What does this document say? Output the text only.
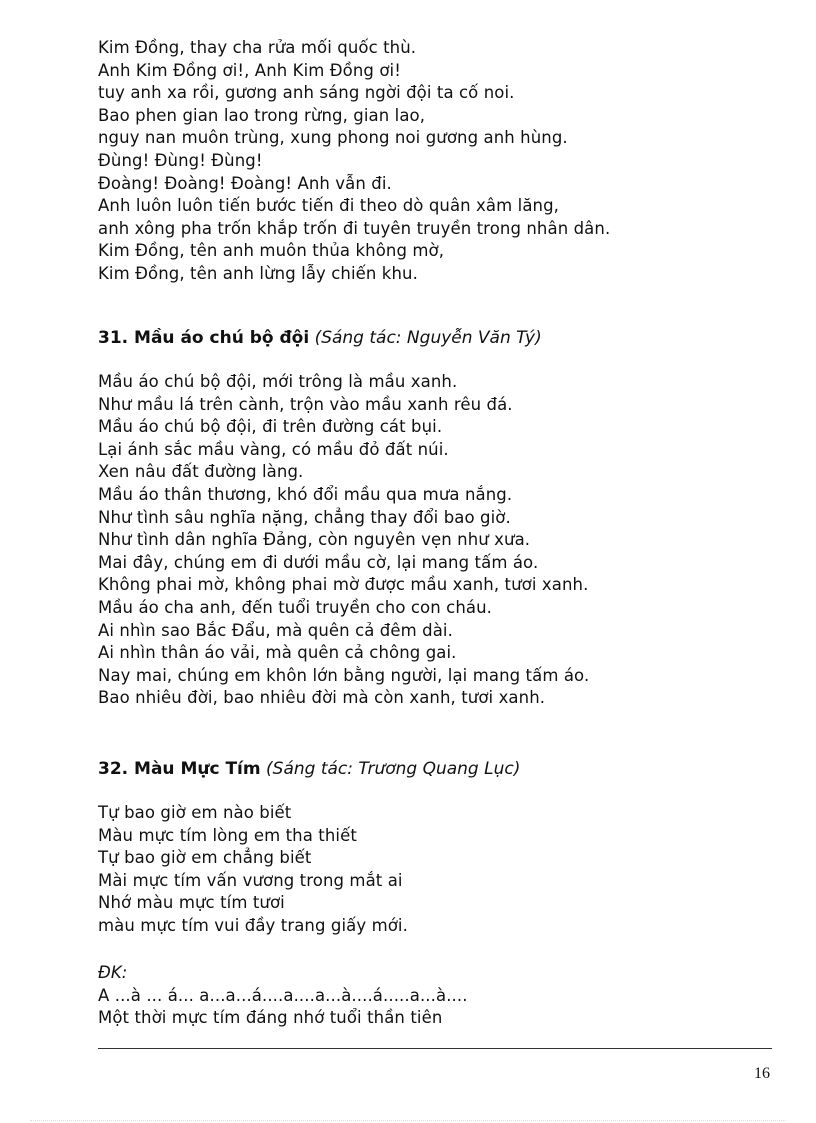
Kim Đồng, thay cha rửa mối quốc thù.
Anh Kim Đồng ơi!, Anh Kim Đồng ơi!
tuy anh xa rồi, gương anh sáng ngời đội ta cố noi.
Bao phen gian lao trong rừng, gian lao,
nguy nan muôn trùng, xung phong noi gương anh hùng.
Đùng! Đùng! Đùng!
Đoàng! Đoàng! Đoàng! Anh vẫn đi.
Anh luôn luôn tiến bước tiến đi theo dò quân xâm lăng,
anh xông pha trốn khắp trốn đi tuyên truyền trong nhân dân.
Kim Đồng, tên anh muôn thủa không mờ,
Kim Đồng, tên anh lừng lẫy chiến khu.
31. Mầu áo chú bộ đội (Sáng tác: Nguyễn Văn Tý)
Mầu áo chú bộ đội, mới trông là mầu xanh.
Như mầu lá trên cành, trộn vào mầu xanh rêu đá.
Mầu áo chú bộ đội, đi trên đường cát bụi.
Lại ánh sắc mầu vàng, có mầu đỏ đất núi.
Xen nâu đất đường làng.
Mầu áo thân thương, khó đổi mầu qua mưa nắng.
Như tình sâu nghĩa nặng, chẳng thay đổi bao giờ.
Như tình dân nghĩa Đảng, còn nguyên vẹn như xưa.
Mai đây, chúng em đi dưới mầu cờ, lại mang tấm áo.
Không phai mờ, không phai mờ được mầu xanh, tươi xanh.
Mầu áo cha anh, đến tuổi truyền cho con cháu.
Ai nhìn sao Bắc Đẩu, mà quên cả đêm dài.
Ai nhìn thân áo vải, mà quên cả chông gai.
Nay mai, chúng em khôn lớn bằng người, lại mang tấm áo.
Bao nhiêu đời, bao nhiêu đời mà còn xanh, tươi xanh.
32. Màu Mực Tím (Sáng tác: Trương Quang Lục)
Tự bao giờ em nào biết
Màu mực tím lòng em tha thiết
Tự bao giờ em chẳng biết
Mài mực tím vấn vương trong mắt ai
Nhớ màu mực tím tươi
màu mực tím vui đầy trang giấy mới.
ĐK:
A ...à ... á... a...a...á....a....a...à....á.....a...à....
Một thời mực tím đáng nhớ tuổi thần tiên
16
